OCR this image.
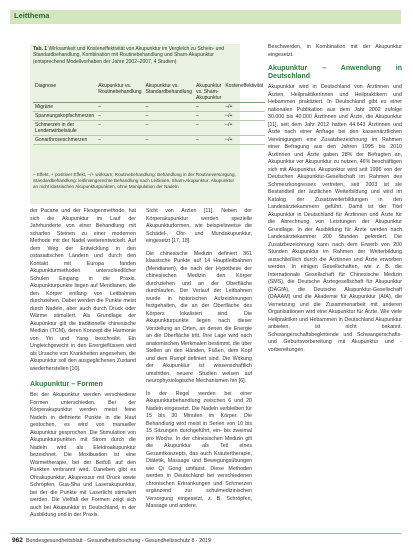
Leitthema
Tab. 1 Wirksamkeit und Kosteneffektivität von Akupunktur im Vergleich zu Schein- und Standardbehandlung, Kombination mit Routinebehandlung und Sham-Akupunktur (entsprechend Modellvorhaben der Jahre 2002–2007, 4 Studien)
Diagnose	Akupunktur vs. Routinebehandlung	Akupunktur vs. Standardbehandlung	Akupunktur vs. Sham-Akupunktur	Kosteneffektivität
Migräne	–	–	–	–/+
Spannungskopfschmerzen	–	–	–	–/+
Schmerzen in der Lendenwirbelsäule	–	–	–	–/+
Gonarthroseschmerzen	–	–	–	–/+
– Effekt, + positiver Effekt, –/+ wirksam; Routinebehandlung: Behandlung in der Routineversorgung, Standardbehandlung: leitliniengerechte Behandlung nach Leitlinien, Sham-Akupunktur: Akupunktur an nicht klassischen Akupunkturpunkten, ohne Manipulation der Nadeln

Beschwerden, in Kombination mit der Akupunktur eingesetzt.

Akupunktur – Anwendung in Deutschland

Akupunktur wird in Deutschland von Ärztinnen und Ärzten, Heilpraktikerinnen und Heilpraktikern und Hebammen praktiziert. In Deutschland gibt es einer nationalen Publikation aus dem Jahr 2002 zufolge 30.000 bis 40.000 Ärztinnen und Ärzte, die Akupunktur [11], seit dem Jahr 2012 hatten 44.643 Ärztinnen und Ärzte nach einer Anfrage bei den kassenärztlichen Vereinigungen eine Zusatzbezeichnung im Rahmen einer Befragung aus den Jahren 1995 bis 2010 Ärztinnen und Ärzte gaben 28% der Befragten an, Akupunktur vor Akupunktur zu nutzen, 46% beschäftigen sich mit Akupunktur. Akupunktur wird seit 1996 von der Deutschen Akupunktur-Gesellschaft im Rahmen des Schmerzkongresses vertreten, seit 2003 ist sie Bestandteil der ärztlichen Weiterbildung und wird im Katalog der Zusatzweiterbildungen in den Landesärztekammern geführt. Damit ist der Titel Akupunktur in Deutschland für Ärztinnen und Ärzte für die Abrechnung von Leistungen der Akupunktur Grundlage. In der Ausbildung für Ärzte werden nach Landesärztekammer 200 Stunden gefordert. Die Zusatzbezeichnung kann nach dem Erwerb von 200 Stunden Akupunktur im Rahmen der Weiterbildung ausschließlich durch die Ärztinnen und Ärzte erworben werden. In einigen Gesellschaften, wie z. B. die Internationale Gesellschaft für Chinesische Medizin (SMS), die Deutsche Ärztegesellschaft für Akupunktur (DÄGfA), die Deutsche Akupunktur-Gesellschaft (DAAAM) und die Akademie für Akupunktur (AfA), die Vernetzung und die Zusammenarbeit mit anderen Organisationen wird eine Akupunktur für Ärzte. Wie viele Heilpraktiker und Hebammen in Deutschland Akupunktur anbieten, ist nicht bekannt. Schwangerschaftsbegleitende und Schwangerschafts- und Geburtsvorbereitung mit Akupunktur und -vorbereitungen.

der Pacane und der Flexigenmethode, hat sich die Akupunktur im Lauf der Jahrhunderte von einer Behandlung mit scharfen Steinen zu einer modernen Methode mit der Nadel weiterentwickelt. Auf dem Weg der Entwicklung in den ostasiatischen Ländern und durch den Kontakt mit Europa fanden Akupunkturmethoden unterschiedlicher Schulen Eingang in die Praxis. Akupunkturpunkte liegen auf Meridianen, die den Körper entlang von Leitbahnen durchziehen. Dabei werden die Punkte meist durch Nadeln, aber auch durch Druck oder Wärme stimuliert. Als Grundlage der Akupunktur gilt die traditionelle chinesische Medizin (TCM), deren Konzept die Harmonie von Yin und Yang beschreibt. Ein Ungleichgewicht in den Energieflüssen wird als Ursache von Krankheiten angesehen, die Akupunktur soll den ausgeglichenen Zustand wiederherstellen [10].

Akupunktur – Formen

Bei der Akupunktur werden verschiedene Formen unterschieden. Bei der Körperakupunktur werden meist feine Nadeln in definierte Punkte in die Haut gestochen, es wird von manueller Akupunktur gesprochen. Die Stimulation von Akupunkturpunkten mit Strom durch die Nadeln wird als Elektroakupunktur bezeichnet. Die Moxibustion ist eine Wärmetherapie, bei der Beifuß auf den Punkten verbrannt wird. Daneben gibt es Ohrakupunktur, Akupressur mit Druck sowie Schröpfen, Gua-Sha und Laserakupunktur, bei der die Punkte mit Laserlicht stimuliert werden. Die Vielfalt der Formen zeigt sich auch bei Akupunktur in Deutschland, in der Ausbildung und in der Praxis.

Sicht von Ärzten [11]. Neben der Körperakupunktur werden spezielle Akupunkturformen, wie beispielsweise die Schädel-, Ohr- und Mundakupunktur, eingesetzt [17, 18].

Die chinesische Medizin definiert 361 klassische Punkte auf 14 Hauptleitbahnen (Meridianen), die nach der Hypothese der chinesischen Medizin den Körper durchziehen und an der Oberfläche durchlaufen. Der Verlauf der Leitbahnen wurde in historischen Aufzeichnungen festgehalten, die an der Oberfläche des Körpers lokalisiert sind. Die Akupunkturpunkte liegen nach dieser Vorstellung an Orten, an denen die Energie an die Oberfläche tritt. Ihre Lage wird nach anatomischen Merkmalen bestimmt, die über Stellen an den Händen, Füßen, dem Kopf und dem Rumpf definiert sind. Die Wirkung der Akupunktur ist wissenschaftlich umstritten, neuere Studien weisen auf neurophysiologische Mechanismen hin [6].

In der Regel werden bei einer Akupunkturbehandlung zwischen 6 und 20 Nadeln eingesetzt. Die Nadeln verbleiben für 15 bis 30 Minuten im Körper. Die Behandlung wird meist in Serien von 10 bis 15 Sitzungen durchgeführt, ein- bis zweimal pro Woche. In der chinesischen Medizin gilt die Akupunktur als Teil eines Gesamtkonzepts, das auch Kräutertherapie, Diätetik, Massage und Bewegungsübungen wie Qi Gong umfasst. Diese Methoden werden in Deutschland bei verschiedenen chronischen Erkrankungen und Schmerzen ergänzend zur schulmedizinischen Versorgung eingesetzt, z. B. Schröpfen, Massage und andere.

962 Bundesgesundheitsblatt - Gesundheitsforschung - Gesundheitsschutz 8 · 2019
